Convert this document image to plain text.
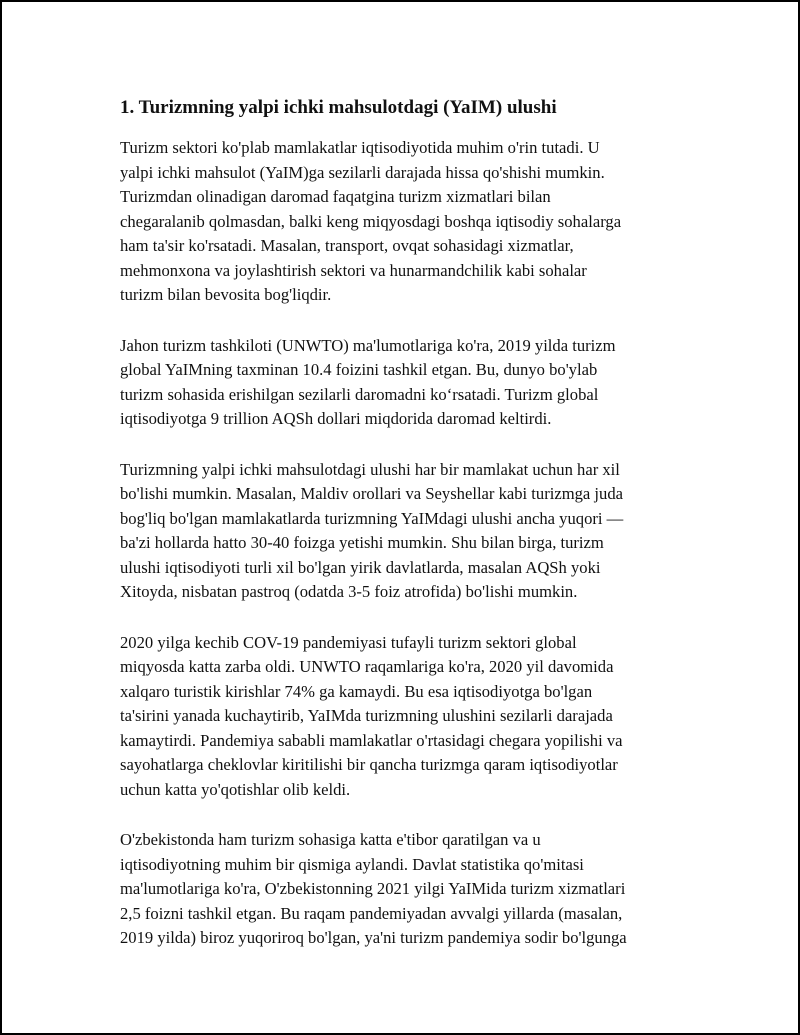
1. Turizmning yalpi ichki mahsulotdagi (YaIM) ulushi

Turizm sektori ko'plab mamlakatlar iqtisodiyotida muhim o'rin tutadi. U
yalpi ichki mahsulot (YaIM)ga sezilarli darajada hissa qo'shishi mumkin.
Turizmdan olinadigan daromad faqatgina turizm xizmatlari bilan
chegaralanib qolmasdan, balki keng miqyosdagi boshqa iqtisodiy sohalarga
ham ta'sir ko'rsatadi. Masalan, transport, ovqat sohasidagi xizmatlar,
mehmonxona va joylashtirish sektori va hunarmandchilik kabi sohalar
turizm bilan bevosita bog'liqdir.

Jahon turizm tashkiloti (UNWTO) ma'lumotlariga ko'ra, 2019 yilda turizm
global YaIMning taxminan 10.4 foizini tashkil etgan. Bu, dunyo bo'ylab
turizm sohasida erishilgan sezilarli daromadni ko‘rsatadi. Turizm global
iqtisodiyotga 9 trillion AQSh dollari miqdorida daromad keltirdi.

Turizmning yalpi ichki mahsulotdagi ulushi har bir mamlakat uchun har xil
bo'lishi mumkin. Masalan, Maldiv orollari va Seyshellar kabi turizmga juda
bog'liq bo'lgan mamlakatlarda turizmning YaIMdagi ulushi ancha yuqori —
ba'zi hollarda hatto 30-40 foizga yetishi mumkin. Shu bilan birga, turizm
ulushi iqtisodiyoti turli xil bo'lgan yirik davlatlarda, masalan AQSh yoki
Xitoyda, nisbatan pastroq (odatda 3-5 foiz atrofida) bo'lishi mumkin.

2020 yilga kechib COV-19 pandemiyasi tufayli turizm sektori global
miqyosda katta zarba oldi. UNWTO raqamlariga ko'ra, 2020 yil davomida
xalqaro turistik kirishlar 74% ga kamaydi. Bu esa iqtisodiyotga bo'lgan
ta'sirini yanada kuchaytirib, YaIMda turizmning ulushini sezilarli darajada
kamaytirdi. Pandemiya sababli mamlakatlar o'rtasidagi chegara yopilishi va
sayohatlarga cheklovlar kiritilishi bir qancha turizmga qaram iqtisodiyotlar
uchun katta yo'qotishlar olib keldi.

O'zbekistonda ham turizm sohasiga katta e'tibor qaratilgan va u
iqtisodiyotning muhim bir qismiga aylandi. Davlat statistika qo'mitasi
ma'lumotlariga ko'ra, O'zbekistonning 2021 yilgi YaIMida turizm xizmatlari
2,5 foizni tashkil etgan. Bu raqam pandemiyadan avvalgi yillarda (masalan,
2019 yilda) biroz yuqoriroq bo'lgan, ya'ni turizm pandemiya sodir bo'lgunga
